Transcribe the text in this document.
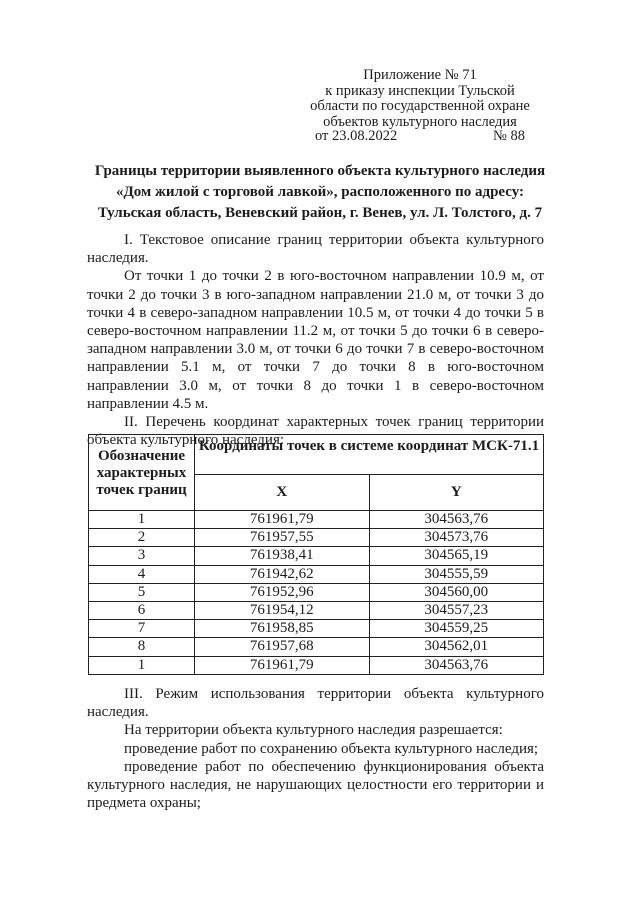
Приложение № 71
к приказу инспекции Тульской
области по государственной охране
объектов культурного наследия
от 23.08.2022	№ 88
Границы территории выявленного объекта культурного наследия
«Дом жилой с торговой лавкой», расположенного по адресу:
Тульская область, Веневский район, г. Венев, ул. Л. Толстого, д. 7

I. Текстовое описание границ территории объекта культурного наследия.

От точки 1 до точки 2 в юго-восточном направлении 10.9 м, от точки 2 до точки 3 в юго-западном направлении 21.0 м, от точки 3 до точки 4 в северо-западном направлении 10.5 м, от точки 4 до точки 5 в северо-восточном направлении 11.2 м, от точки 5 до точки 6 в северо-западном направлении 3.0 м, от точки 6 до точки 7 в северо-восточном направлении 5.1 м, от точки 7 до точки 8 в юго-восточном направлении 3.0 м, от точки 8 до точки 1 в северо-восточном направлении 4.5 м.

II. Перечень координат характерных точек границ территории объекта культурного наследия:

Обозначение характерных точек границ	Координаты точек в системе координат МСК-71.1	
	X	Y
1	761961,79	304563,76
2	761957,55	304573,76
3	761938,41	304565,19
4	761942,62	304555,59
5	761952,96	304560,00
6	761954,12	304557,23
7	761958,85	304559,25
8	761957,68	304562,01
1	761961,79	304563,76

III. Режим использования территории объекта культурного наследия.

На территории объекта культурного наследия разрешается:

проведение работ по сохранению объекта культурного наследия;

проведение работ по обеспечению функционирования объекта культурного наследия, не нарушающих целостности его территории и предмета охраны;
